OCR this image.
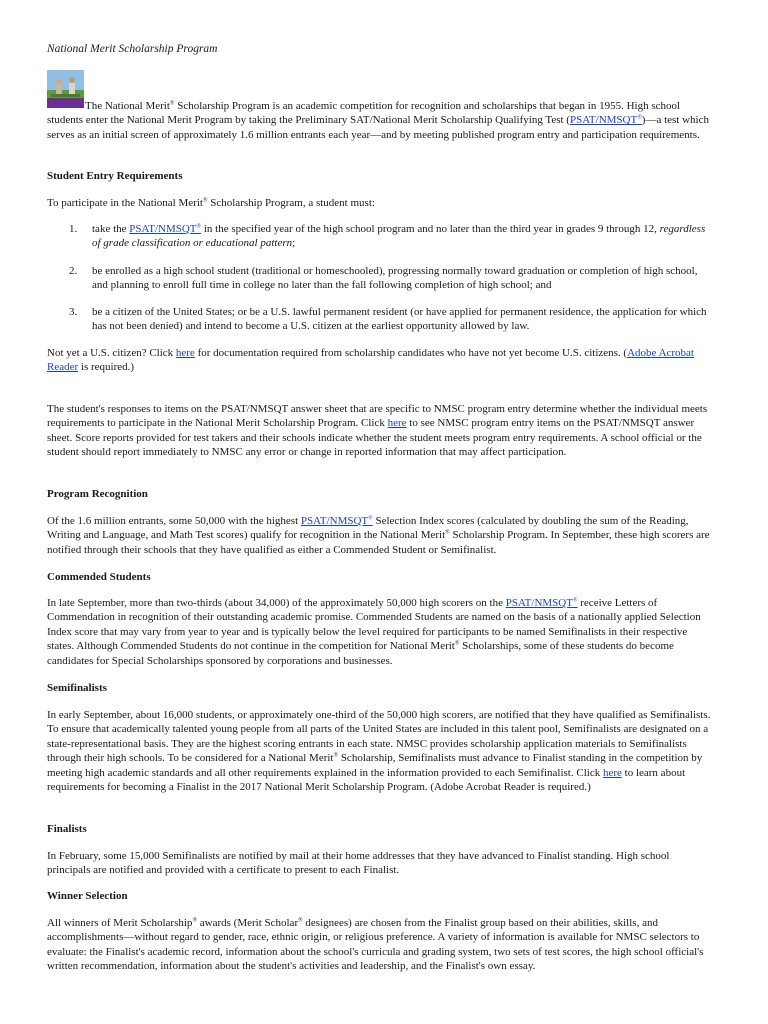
National Merit Scholarship Program

The National Merit® Scholarship Program is an academic competition for recognition and scholarships that began in 1955. High school students enter the National Merit Program by taking the Preliminary SAT/National Merit Scholarship Qualifying Test (PSAT/NMSQT®)—a test which serves as an initial screen of approximately 1.6 million entrants each year—and by meeting published program entry and participation requirements.

Student Entry Requirements

To participate in the National Merit® Scholarship Program, a student must:

1.	take the PSAT/NMSQT® in the specified year of the high school program and no later than the third year in grades 9 through 12, regardless of grade classification or educational pattern;
2.	be enrolled as a high school student (traditional or homeschooled), progressing normally toward graduation or completion of high school, and planning to enroll full time in college no later than the fall following completion of high school; and
3.	be a citizen of the United States; or be a U.S. lawful permanent resident (or have applied for permanent residence, the application for which has not been denied) and intend to become a U.S. citizen at the earliest opportunity allowed by law.

Not yet a U.S. citizen? Click here for documentation required from scholarship candidates who have not yet become U.S. citizens. (Adobe Acrobat Reader is required.)

The student's responses to items on the PSAT/NMSQT answer sheet that are specific to NMSC program entry determine whether the individual meets requirements to participate in the National Merit Scholarship Program. Click here to see NMSC program entry items on the PSAT/NMSQT answer sheet. Score reports provided for test takers and their schools indicate whether the student meets program entry requirements. A school official or the student should report immediately to NMSC any error or change in reported information that may affect participation.

Program Recognition

Of the 1.6 million entrants, some 50,000 with the highest PSAT/NMSQT® Selection Index scores (calculated by doubling the sum of the Reading, Writing and Language, and Math Test scores) qualify for recognition in the National Merit® Scholarship Program. In September, these high scorers are notified through their schools that they have qualified as either a Commended Student or Semifinalist.

Commended Students

In late September, more than two-thirds (about 34,000) of the approximately 50,000 high scorers on the PSAT/NMSQT® receive Letters of Commendation in recognition of their outstanding academic promise. Commended Students are named on the basis of a nationally applied Selection Index score that may vary from year to year and is typically below the level required for participants to be named Semifinalists in their respective states. Although Commended Students do not continue in the competition for National Merit® Scholarships, some of these students do become candidates for Special Scholarships sponsored by corporations and businesses.

Semifinalists

In early September, about 16,000 students, or approximately one-third of the 50,000 high scorers, are notified that they have qualified as Semifinalists. To ensure that academically talented young people from all parts of the United States are included in this talent pool, Semifinalists are designated on a state-representational basis. They are the highest scoring entrants in each state. NMSC provides scholarship application materials to Semifinalists through their high schools. To be considered for a National Merit® Scholarship, Semifinalists must advance to Finalist standing in the competition by meeting high academic standards and all other requirements explained in the information provided to each Semifinalist. Click here to learn about requirements for becoming a Finalist in the 2017 National Merit Scholarship Program. (Adobe Acrobat Reader is required.)

Finalists

In February, some 15,000 Semifinalists are notified by mail at their home addresses that they have advanced to Finalist standing. High school principals are notified and provided with a certificate to present to each Finalist.

Winner Selection

All winners of Merit Scholarship® awards (Merit Scholar® designees) are chosen from the Finalist group based on their abilities, skills, and accomplishments—without regard to gender, race, ethnic origin, or religious preference. A variety of information is available for NMSC selectors to evaluate: the Finalist's academic record, information about the school's curricula and grading system, two sets of test scores, the high school official's written recommendation, information about the student's activities and leadership, and the Finalist's own essay.
